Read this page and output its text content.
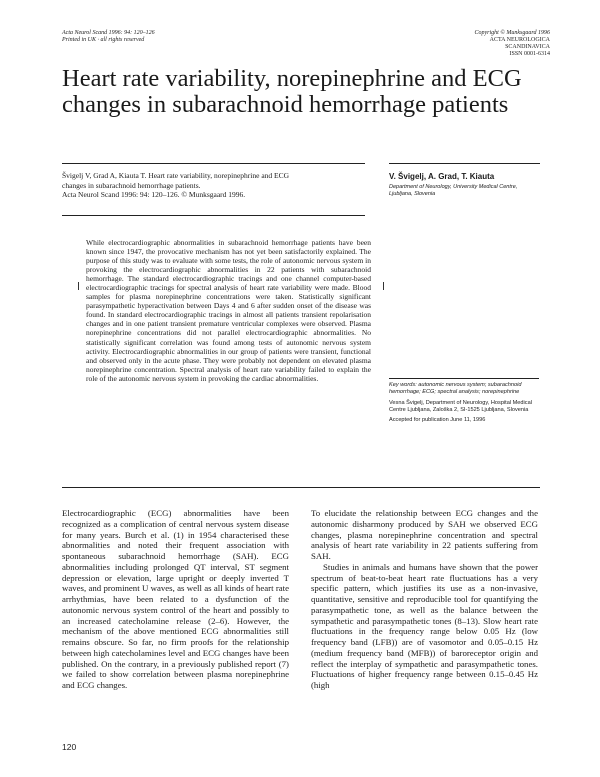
Acta Neurol Scand 1996: 94: 120–126
Printed in UK · all rights reserved
Copyright © Munksgaard 1996
ACTA NEUROLOGICA
SCANDINAVICA
ISSN 0001-6314
Heart rate variability, norepinephrine and ECG changes in subarachnoid hemorrhage patients
Švigelj V, Grad A, Kiauta T. Heart rate variability, norepinephrine and ECG
changes in subarachnoid hemorrhage patients.
Acta Neurol Scand 1996: 94: 120–126. © Munksgaard 1996.
V. Švigelj, A. Grad, T. Kiauta
Department of Neurology, University Medical Centre, Ljubljana, Slovenia
While electrocardiographic abnormalities in subarachnoid hemorrhage patients have been known since 1947, the provocative mechanism has not yet been satisfactorily explained. The purpose of this study was to evaluate with some tests, the role of autonomic nervous system in provoking the electrocardiographic abnormalities in 22 patients with subarachnoid hemorrhage. The standard electrocardiographic tracings and one channel computer-based electrocardiographic tracings for spectral analysis of heart rate variability were made. Blood samples for plasma norepinephrine concentrations were taken. Statistically significant parasympathetic hyperactivation between Days 4 and 6 after sudden onset of the disease was found. In standard electrocardiographic tracings in almost all patients transient repolarisation changes and in one patient transient premature ventricular complexes were observed. Plasma norepinephrine concentrations did not parallel electrocardiographic abnormalities. No statistically significant correlation was found among tests of autonomic nervous system activity. Electrocardiographic abnormalities in our group of patients were transient, functional and observed only in the acute phase. They were probably not dependent on elevated plasma norepinephrine concentration. Spectral analysis of heart rate variability failed to explain the role of the autonomic nervous system in provoking the cardiac abnormalities.

Key words: autonomic nervous system; subarachnoid hemorrhage; ECG; spectral analysis; norepinephrine

Vesna Švigelj, Department of Neurology, Hospital Medical Centre Ljubljana, Zaloška 2, SI-1525 Ljubljana, Slovenia

Accepted for publication June 11, 1996

Electrocardiographic (ECG) abnormalities have been recognized as a complication of central nervous system disease for many years. Burch et al. (1) in 1954 characterised these abnormalities and noted their frequent association with spontaneous subarachnoid hemorrhage (SAH). ECG abnormalities including prolonged QT interval, ST segment depression or elevation, large upright or deeply inverted T waves, and prominent U waves, as well as all kinds of heart rate arrhythmias, have been related to a dysfunction of the autonomic nervous system control of the heart and possibly to an increased catecholamine release (2–6). However, the mechanism of the above mentioned ECG abnormalities still remains obscure. So far, no firm proofs for the relationship between high catecholamines level and ECG changes have been published. On the contrary, in a previously published report (7) we failed to show correlation between plasma norepinephrine and ECG changes.

To elucidate the relationship between ECG changes and the autonomic disharmony produced by SAH we observed ECG changes, plasma norepinephrine concentration and spectral analysis of heart rate variability in 22 patients suffering from SAH.

Studies in animals and humans have shown that the power spectrum of beat-to-beat heart rate fluctuations has a very specific pattern, which justifies its use as a non-invasive, quantitative, sensitive and reproducible tool for quantifying the parasympathetic tone, as well as the balance between the sympathetic and parasympathetic tones (8–13). Slow heart rate fluctuations in the frequency range below 0.05 Hz (low frequency band (LFB)) are of vasomotor and 0.05–0.15 Hz (medium frequency band (MFB)) of baroreceptor origin and reflect the interplay of sympathetic and parasympathetic tones. Fluctuations of higher frequency range between 0.15–0.45 Hz (high

120
